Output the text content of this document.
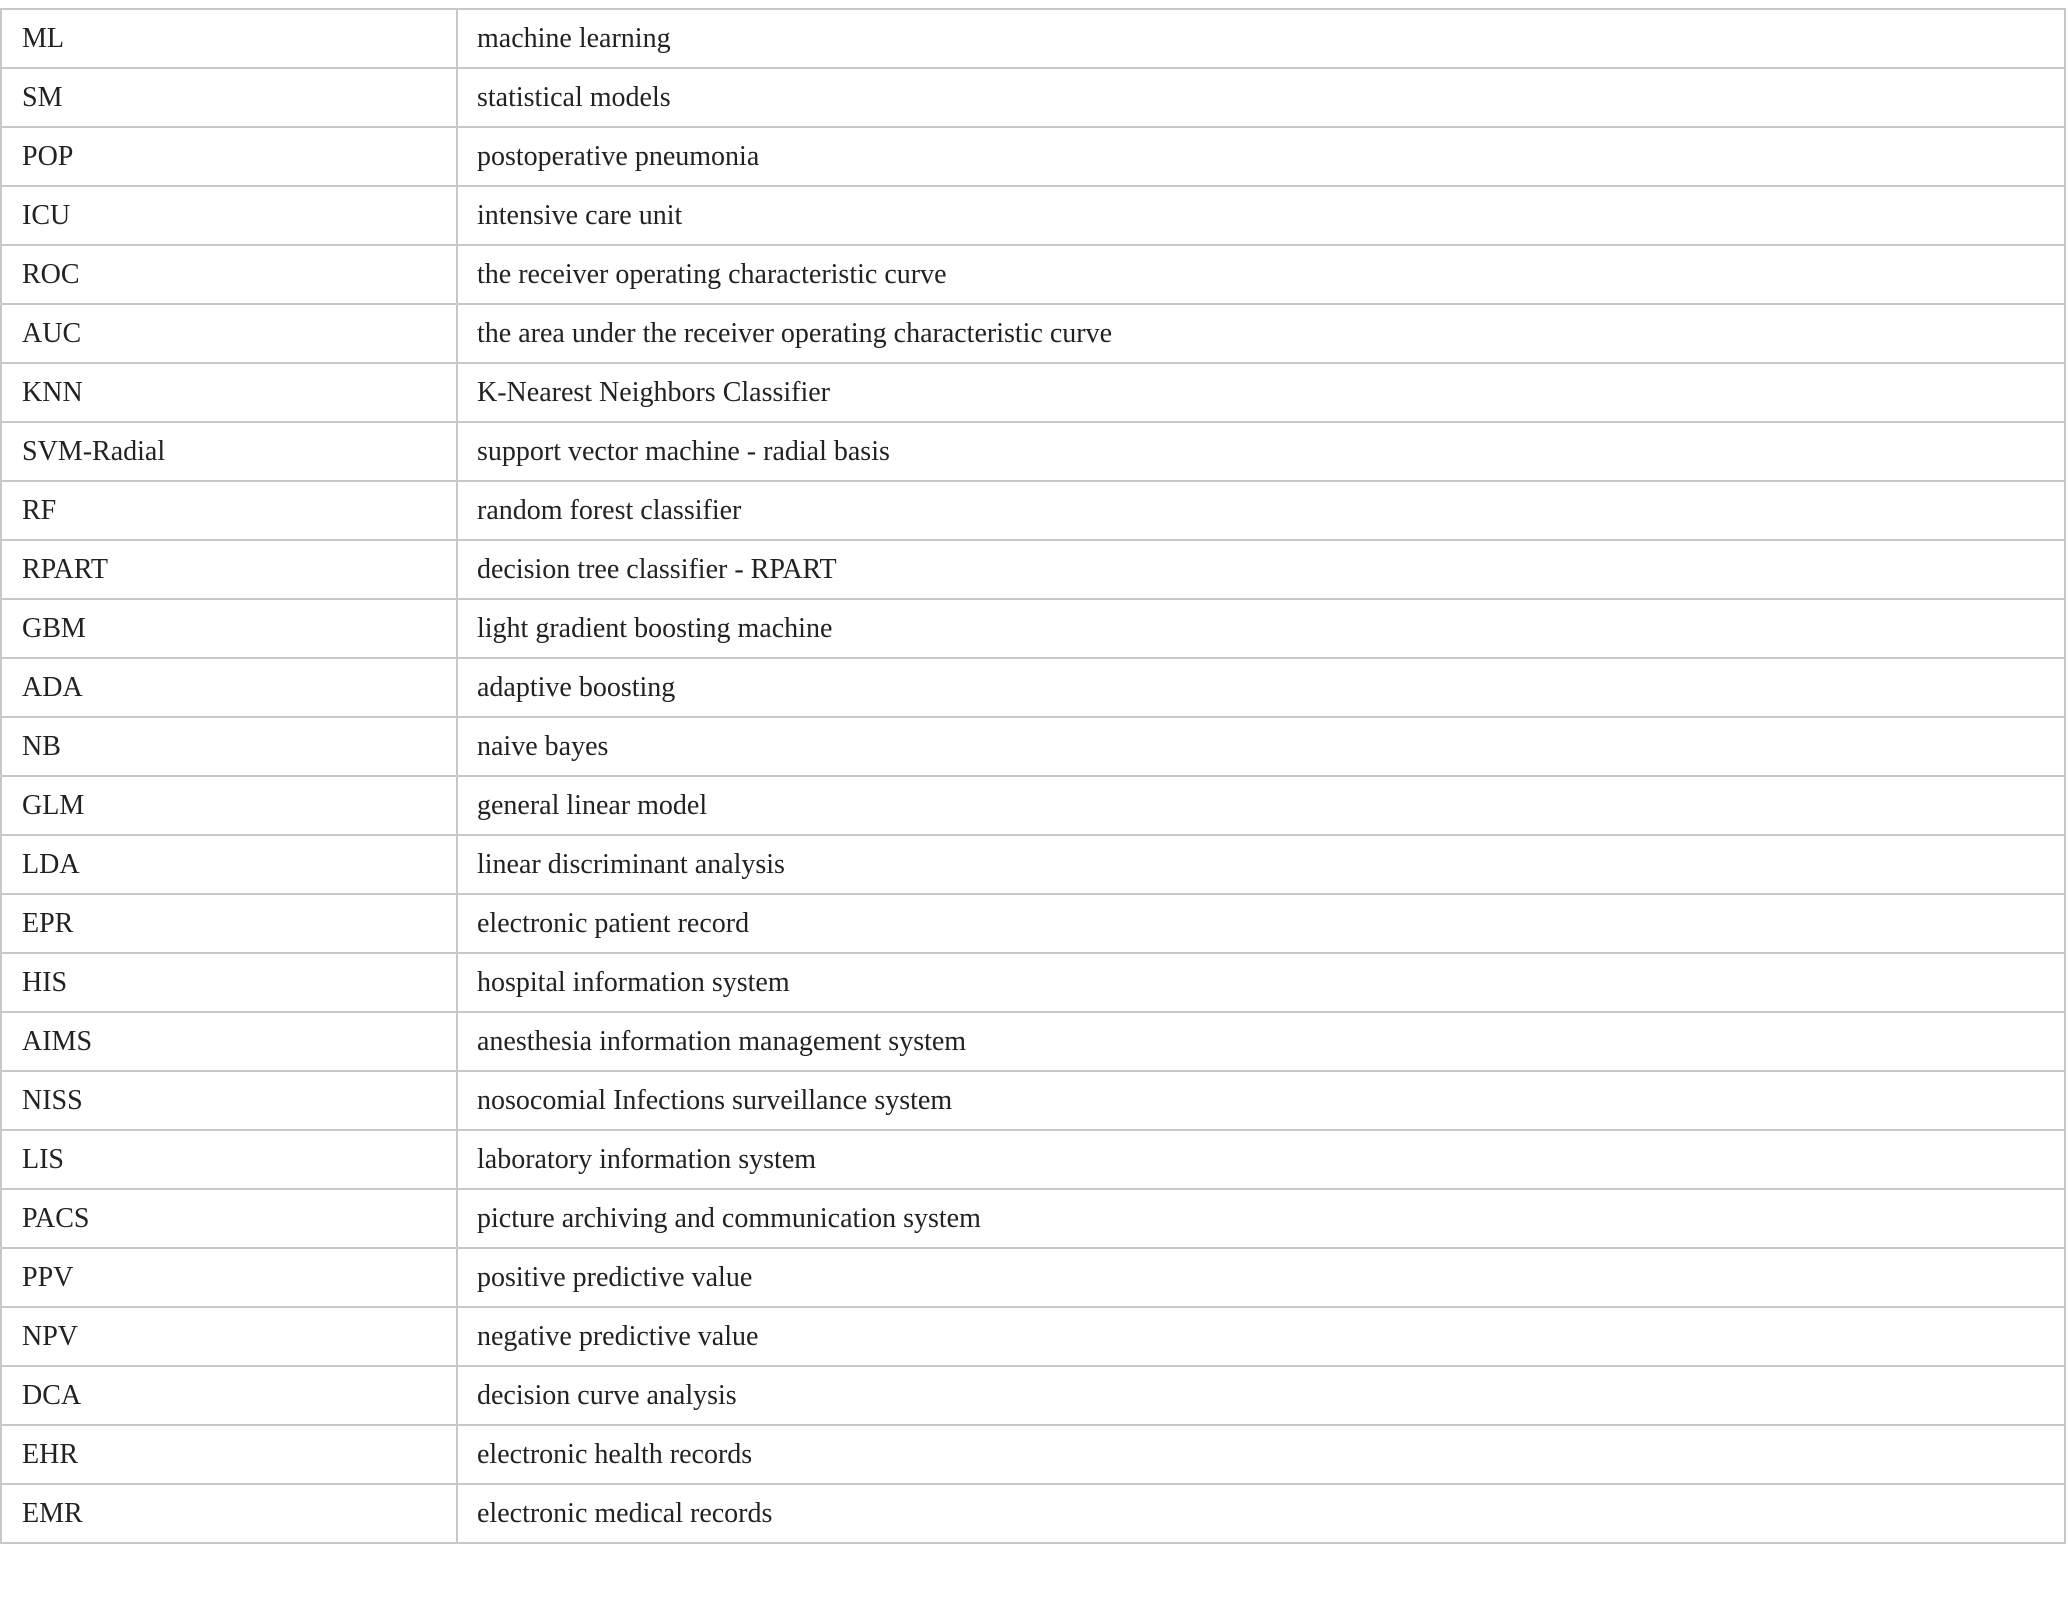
ML	machine learning
SM	statistical models
POP	postoperative pneumonia
ICU	intensive care unit
ROC	the receiver operating characteristic curve
AUC	the area under the receiver operating characteristic curve
KNN	K-Nearest Neighbors Classifier
SVM-Radial	support vector machine - radial basis
RF	random forest classifier
RPART	decision tree classifier - RPART
GBM	light gradient boosting machine
ADA	adaptive boosting
NB	naive bayes
GLM	general linear model
LDA	linear discriminant analysis
EPR	electronic patient record
HIS	hospital information system
AIMS	anesthesia information management system
NISS	nosocomial Infections surveillance system
LIS	laboratory information system
PACS	picture archiving and communication system
PPV	positive predictive value
NPV	negative predictive value
DCA	decision curve analysis
EHR	electronic health records
EMR	electronic medical records
